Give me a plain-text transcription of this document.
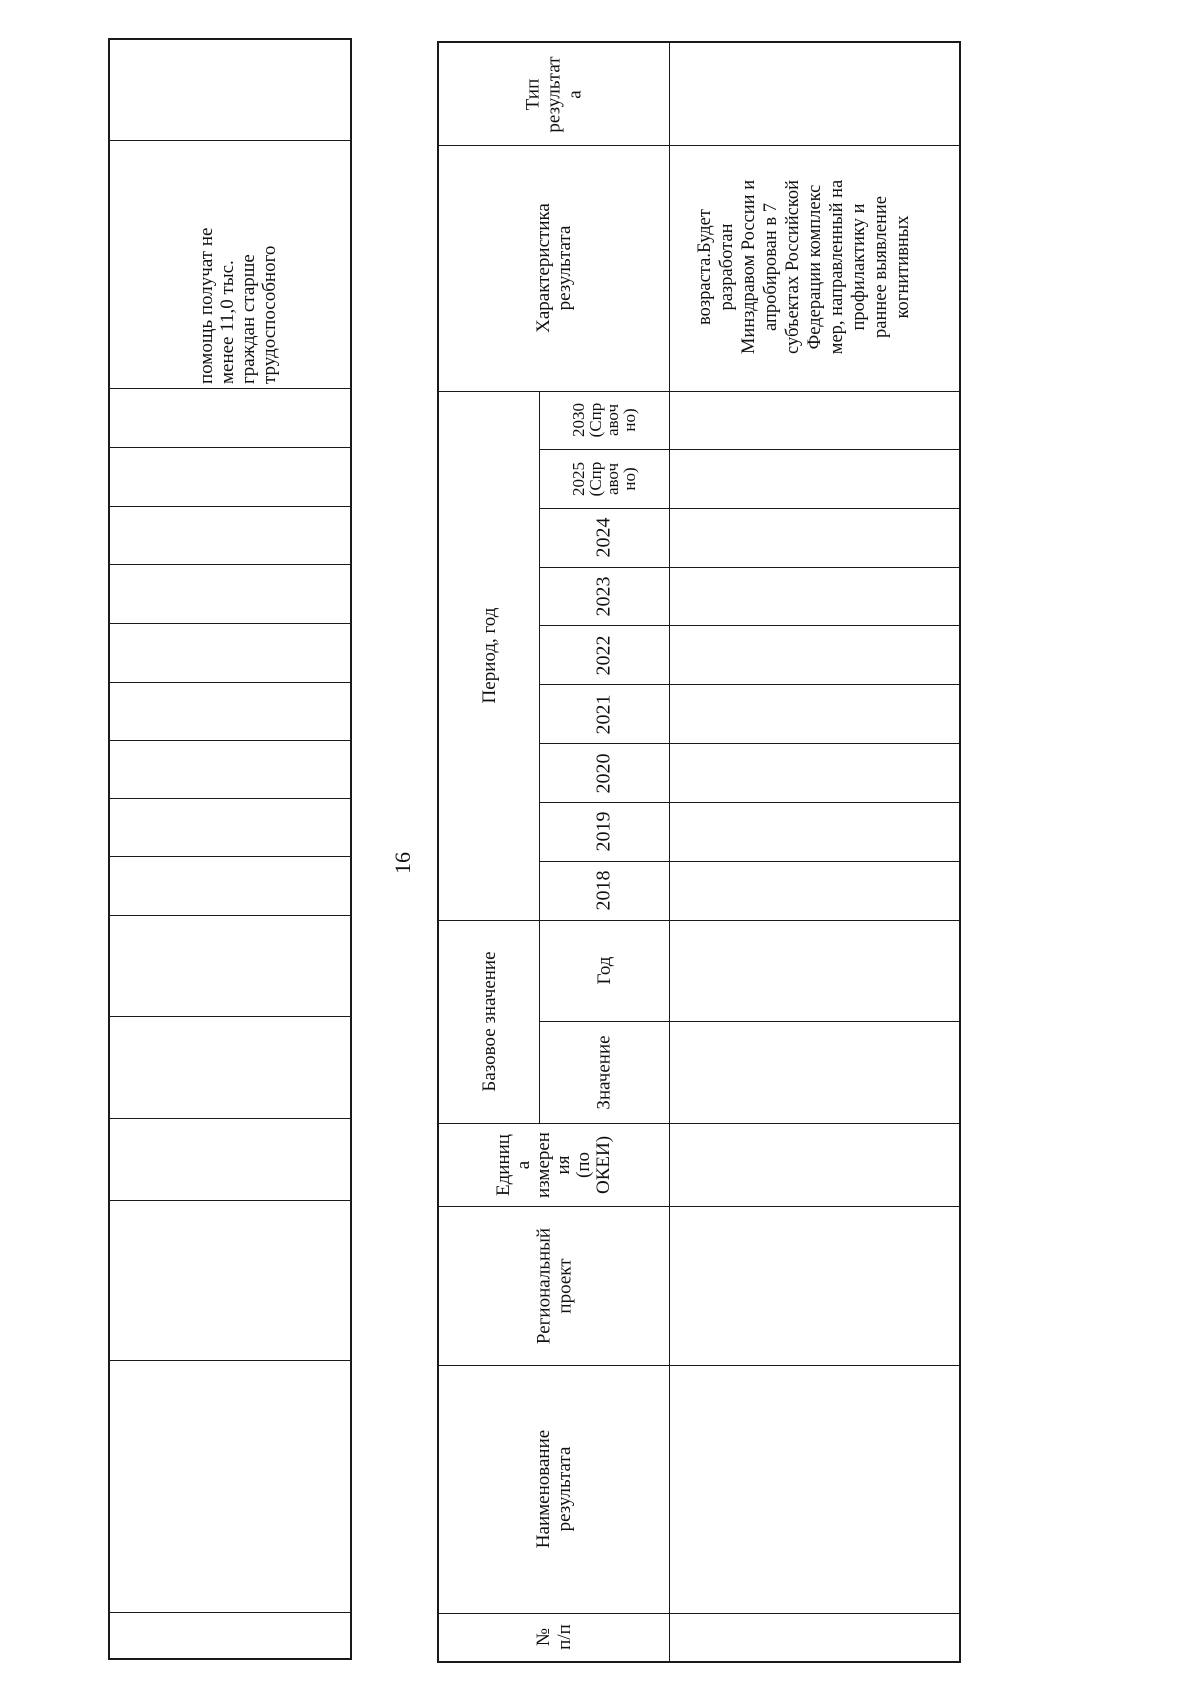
помощь получат не
менее 11,0 тыс.
граждан старше
трудоспособного
16
Тип
результат
а
Характеристика
результата
Период, год
Базовое значение	Год
Значение
Единиц
а
измерен
ия
(по
ОКЕИ)
Региональный
проект
Наименование
результата
№
п/п
возраста.Будет
разработан
Минздравом России и
апробирован в 7
субъектах Российской
Федерации комплекс
мер, направленный на
профилактику и
раннее выявление
когнитивных
2018
2019
2020
2021
2022
2023
2024
2025
(Спр
авоч
но)
2030
(Спр
авоч
но)
